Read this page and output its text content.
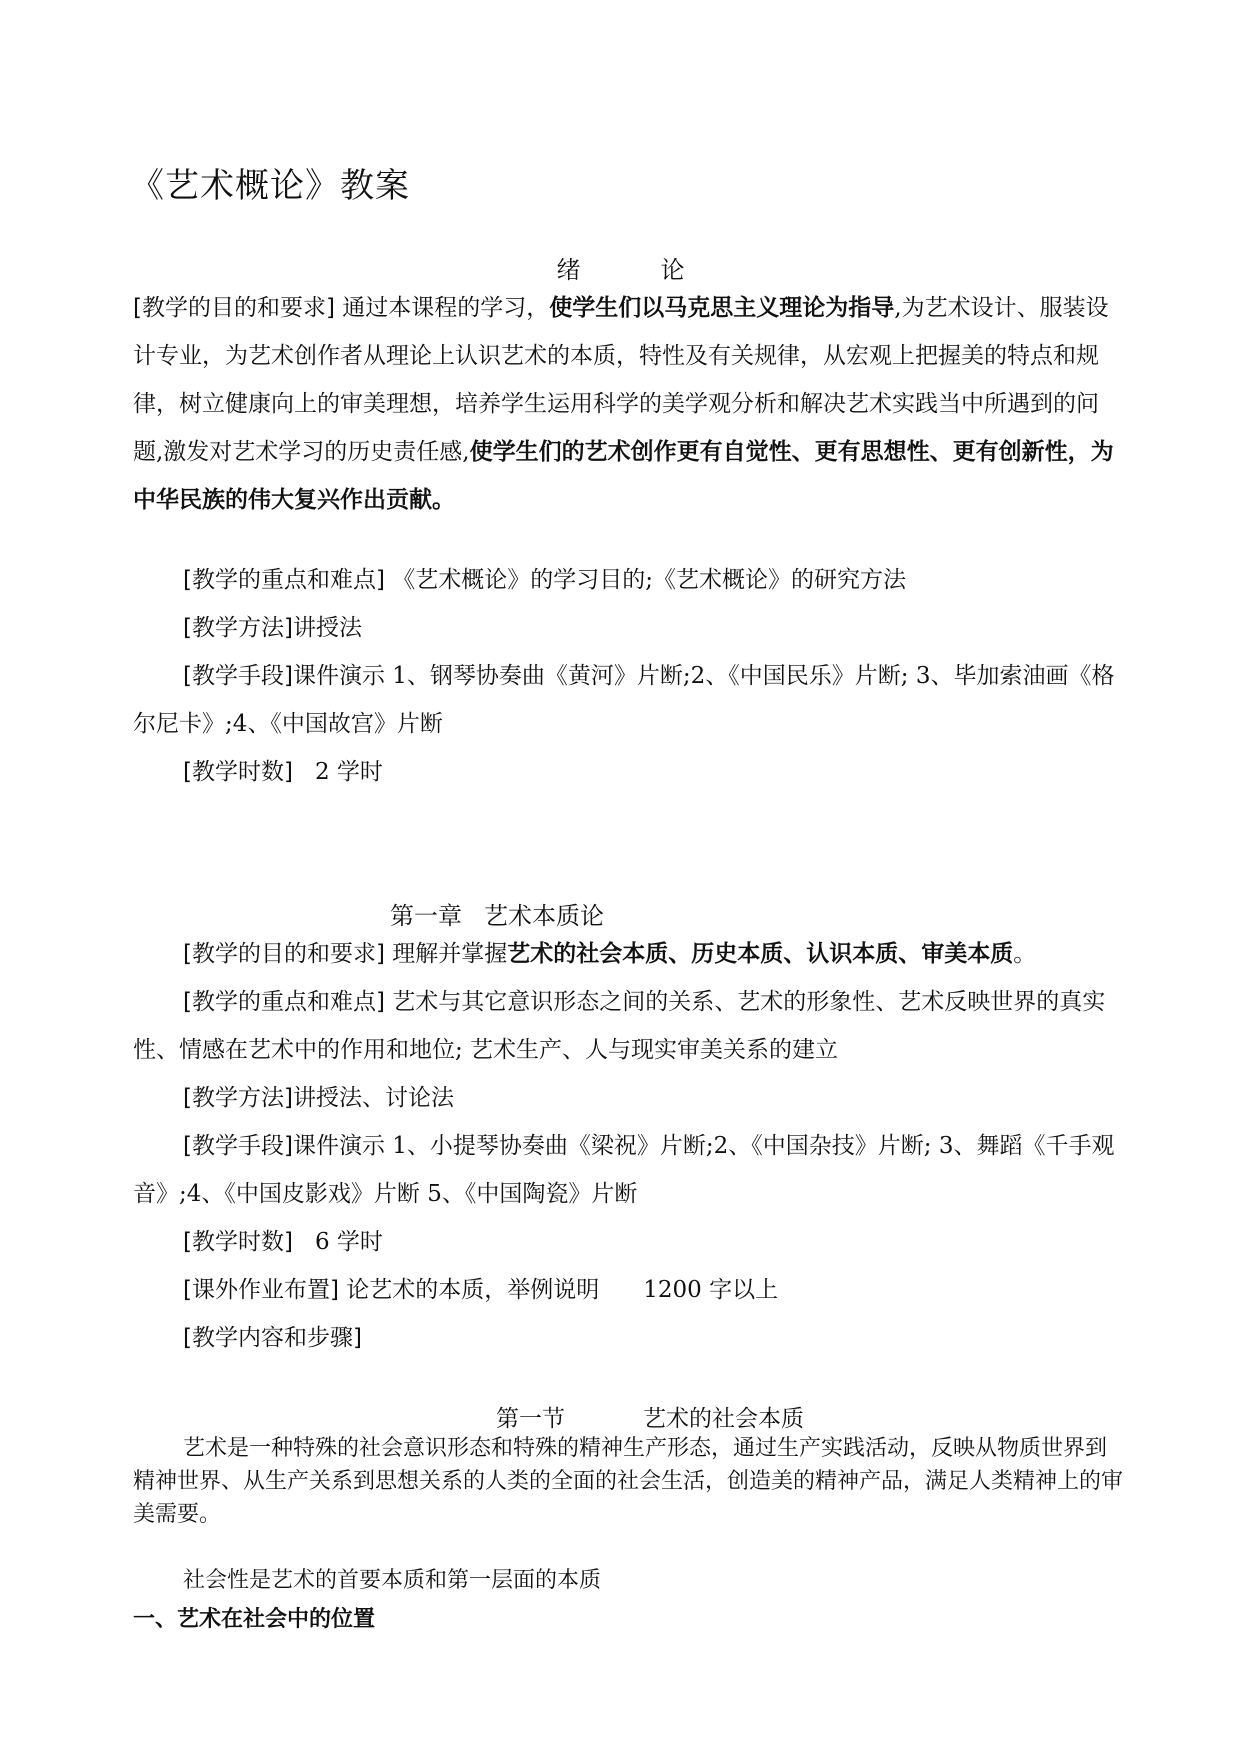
《艺术概论》教案
绪	论
[教学的目的和要求] 通过本课程的学习，使学生们以马克思主义理论为指导,为艺术设计、服装设计专业，为艺术创作者从理论上认识艺术的本质，特性及有关规律，从宏观上把握美的特点和规律，树立健康向上的审美理想，培养学生运用科学的美学观分析和解决艺术实践当中所遇到的问题,激发对艺术学习的历史责任感,使学生们的艺术创作更有自觉性、更有思想性、更有创新性，为中华民族的伟大复兴作出贡献。
[教学的重点和难点] 《艺术概论》的学习目的;《艺术概论》的研究方法
[教学方法]讲授法
[教学手段]课件演示 1、钢琴协奏曲《黄河》片断;2、《中国民乐》片断; 3、毕加索油画《格尔尼卡》;4、《中国故宫》片断
[教学时数] 2 学时
第一章 艺术本质论
[教学的目的和要求] 理解并掌握艺术的社会本质、历史本质、认识本质、审美本质。
[教学的重点和难点] 艺术与其它意识形态之间的关系、艺术的形象性、艺术反映世界的真实性、情感在艺术中的作用和地位; 艺术生产、人与现实审美关系的建立
[教学方法]讲授法、讨论法
[教学手段]课件演示 1、小提琴协奏曲《梁祝》片断;2、《中国杂技》片断; 3、舞蹈《千手观音》;4、《中国皮影戏》片断 5、《中国陶瓷》片断
[教学时数] 6 学时
[课外作业布置] 论艺术的本质，举例说明 1200 字以上
[教学内容和步骤]
第一节	艺术的社会本质
艺术是一种特殊的社会意识形态和特殊的精神生产形态，通过生产实践活动，反映从物质世界到精神世界、从生产关系到思想关系的人类的全面的社会生活，创造美的精神产品，满足人类精神上的审美需要。
社会性是艺术的首要本质和第一层面的本质
一、艺术在社会中的位置
